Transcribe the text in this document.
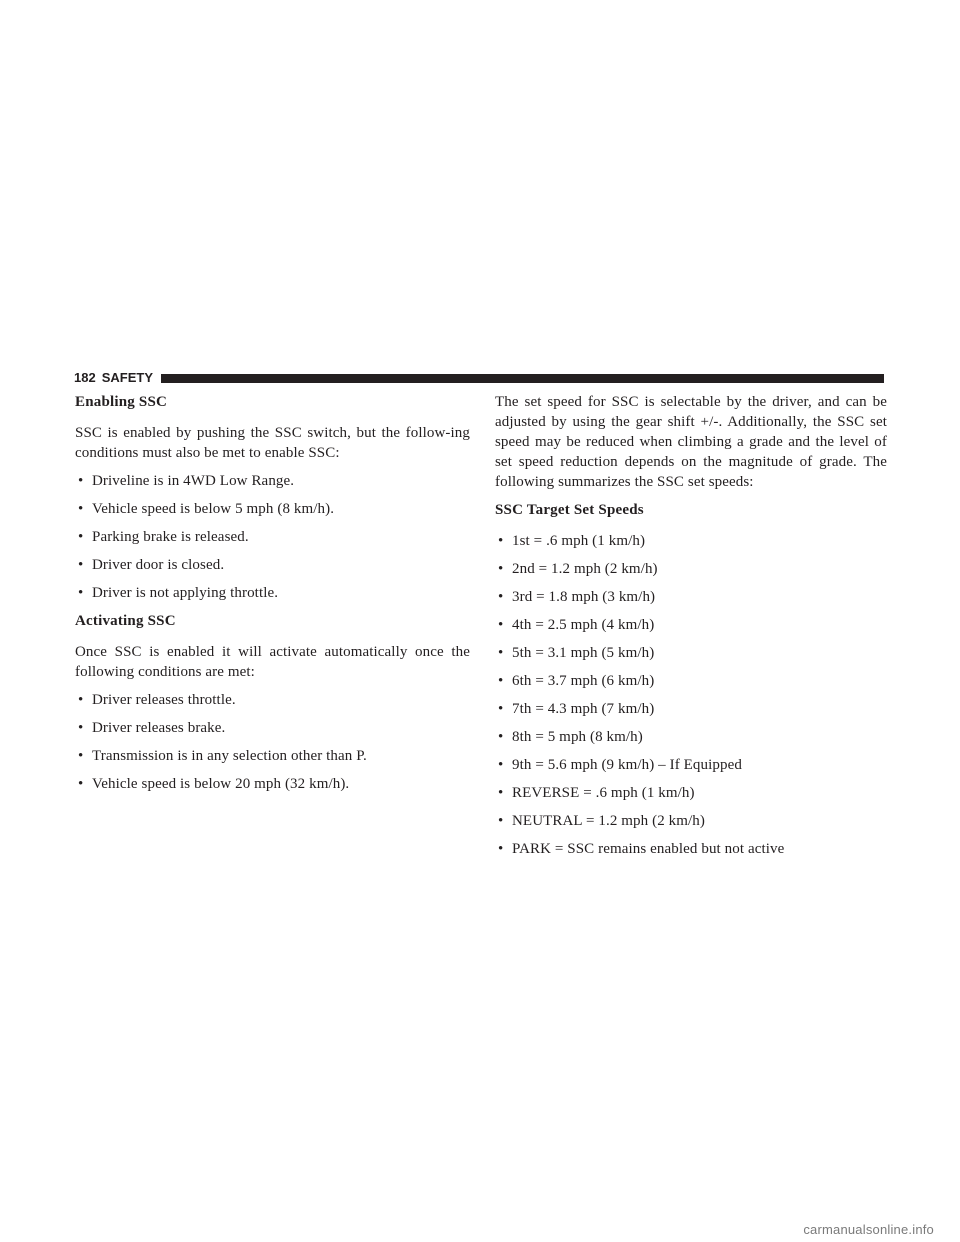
182 SAFETY
Enabling SSC

SSC is enabled by pushing the SSC switch, but the follow-ing conditions must also be met to enable SSC:

• Driveline is in 4WD Low Range.
• Vehicle speed is below 5 mph (8 km/h).
• Parking brake is released.
• Driver door is closed.
• Driver is not applying throttle.
Activating SSC

Once SSC is enabled it will activate automatically once the following conditions are met:

• Driver releases throttle.
• Driver releases brake.
• Transmission is in any selection other than P.
• Vehicle speed is below 20 mph (32 km/h).

The set speed for SSC is selectable by the driver, and can be adjusted by using the gear shift +/-. Additionally, the SSC set speed may be reduced when climbing a grade and the level of set speed reduction depends on the magnitude of grade. The following summarizes the SSC set speeds:

SSC Target Set Speeds
• 1st = .6 mph (1 km/h)
• 2nd = 1.2 mph (2 km/h)
• 3rd = 1.8 mph (3 km/h)
• 4th = 2.5 mph (4 km/h)
• 5th = 3.1 mph (5 km/h)
• 6th = 3.7 mph (6 km/h)
• 7th = 4.3 mph (7 km/h)
• 8th = 5 mph (8 km/h)
• 9th = 5.6 mph (9 km/h) – If Equipped
• REVERSE = .6 mph (1 km/h)
• NEUTRAL = 1.2 mph (2 km/h)
• PARK = SSC remains enabled but not active
carmanualsonline.info
